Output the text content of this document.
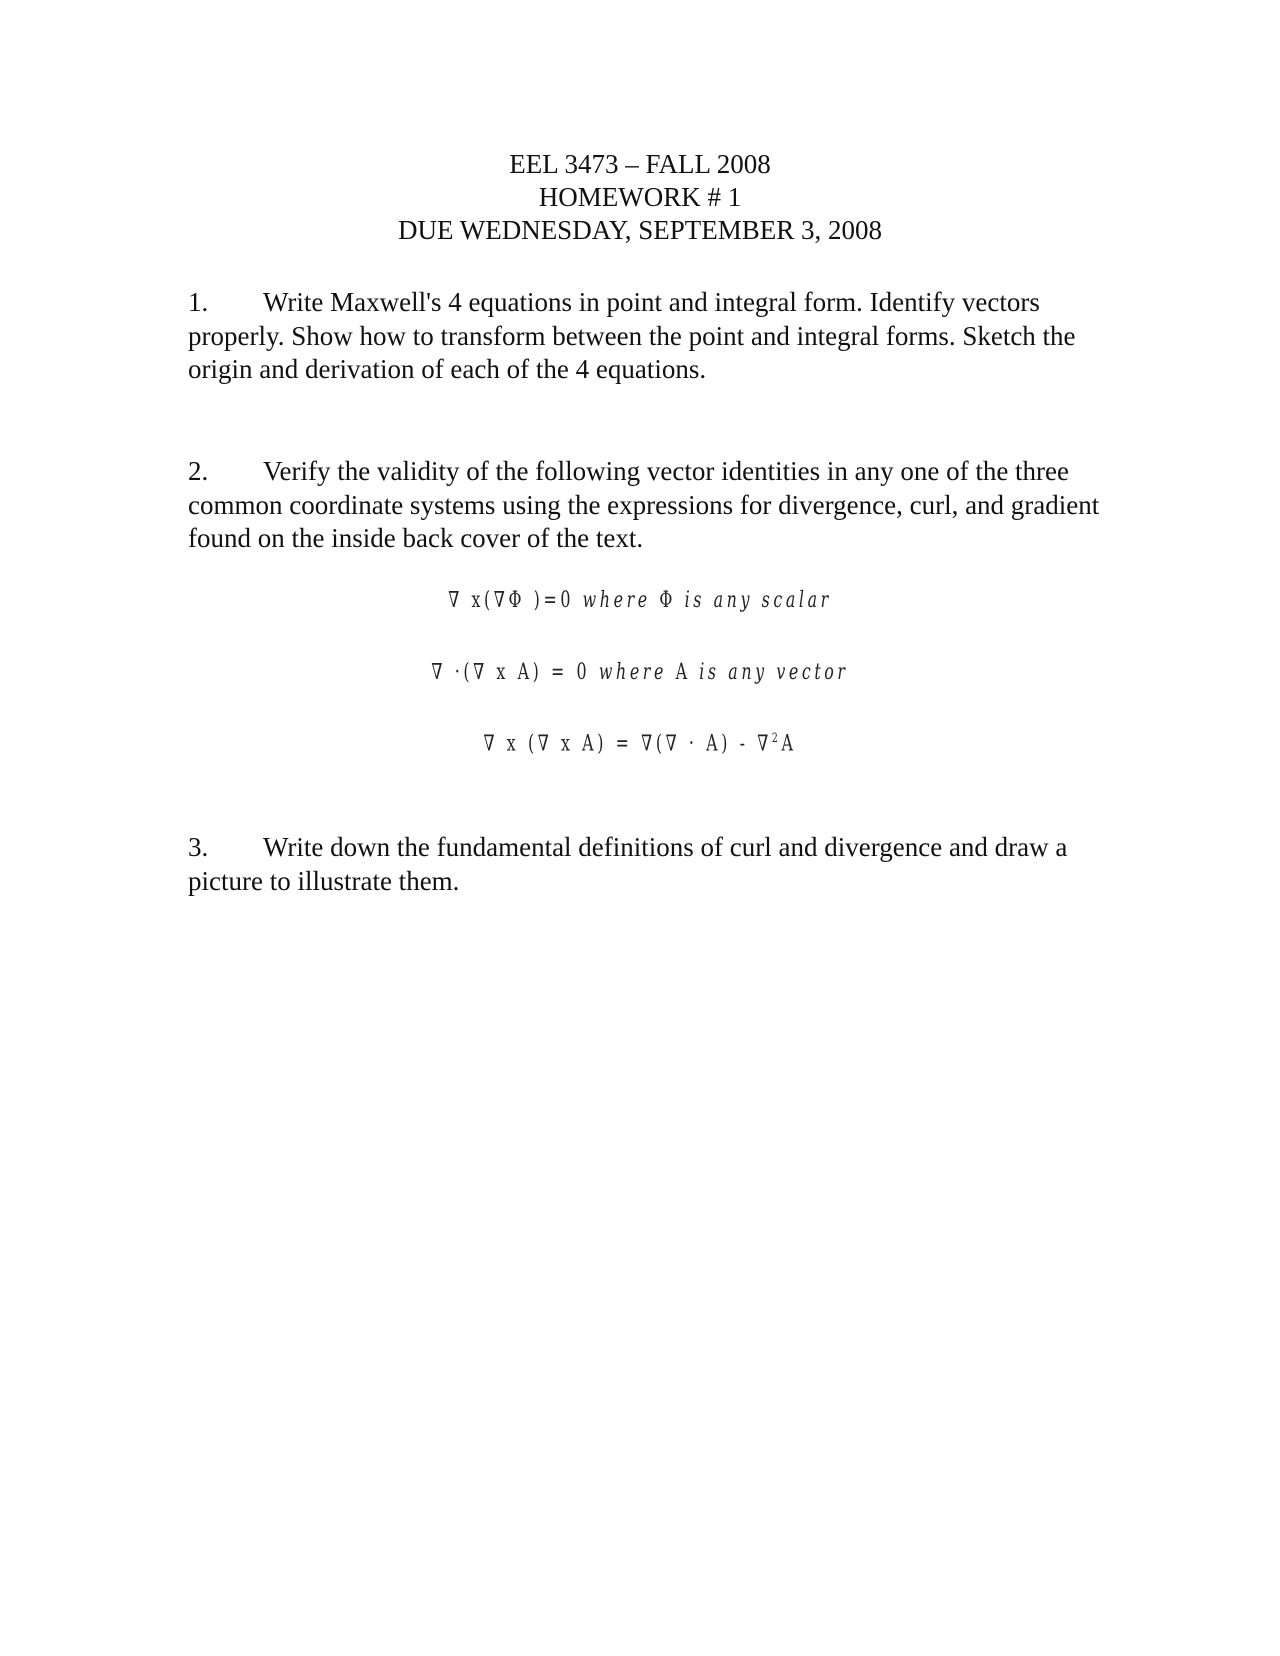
EEL 3473 – FALL 2008
HOMEWORK # 1
DUE WEDNESDAY, SEPTEMBER 3, 2008

1. Write Maxwell's 4 equations in point and integral form. Identify vectors properly. Show how to transform between the point and integral forms. Sketch the origin and derivation of each of the 4 equations.

2. Verify the validity of the following vector identities in any one of the three common coordinate systems using the expressions for divergence, curl, and gradient found on the inside back cover of the text.

∇ x(∇Φ )=0 where Φ is any scalar
∇ ·(∇ x A) = 0 where A is any vector
∇ x (∇ x A) = ∇(∇ · A) - ∇$^2$A

3. Write down the fundamental definitions of curl and divergence and draw a picture to illustrate them.
